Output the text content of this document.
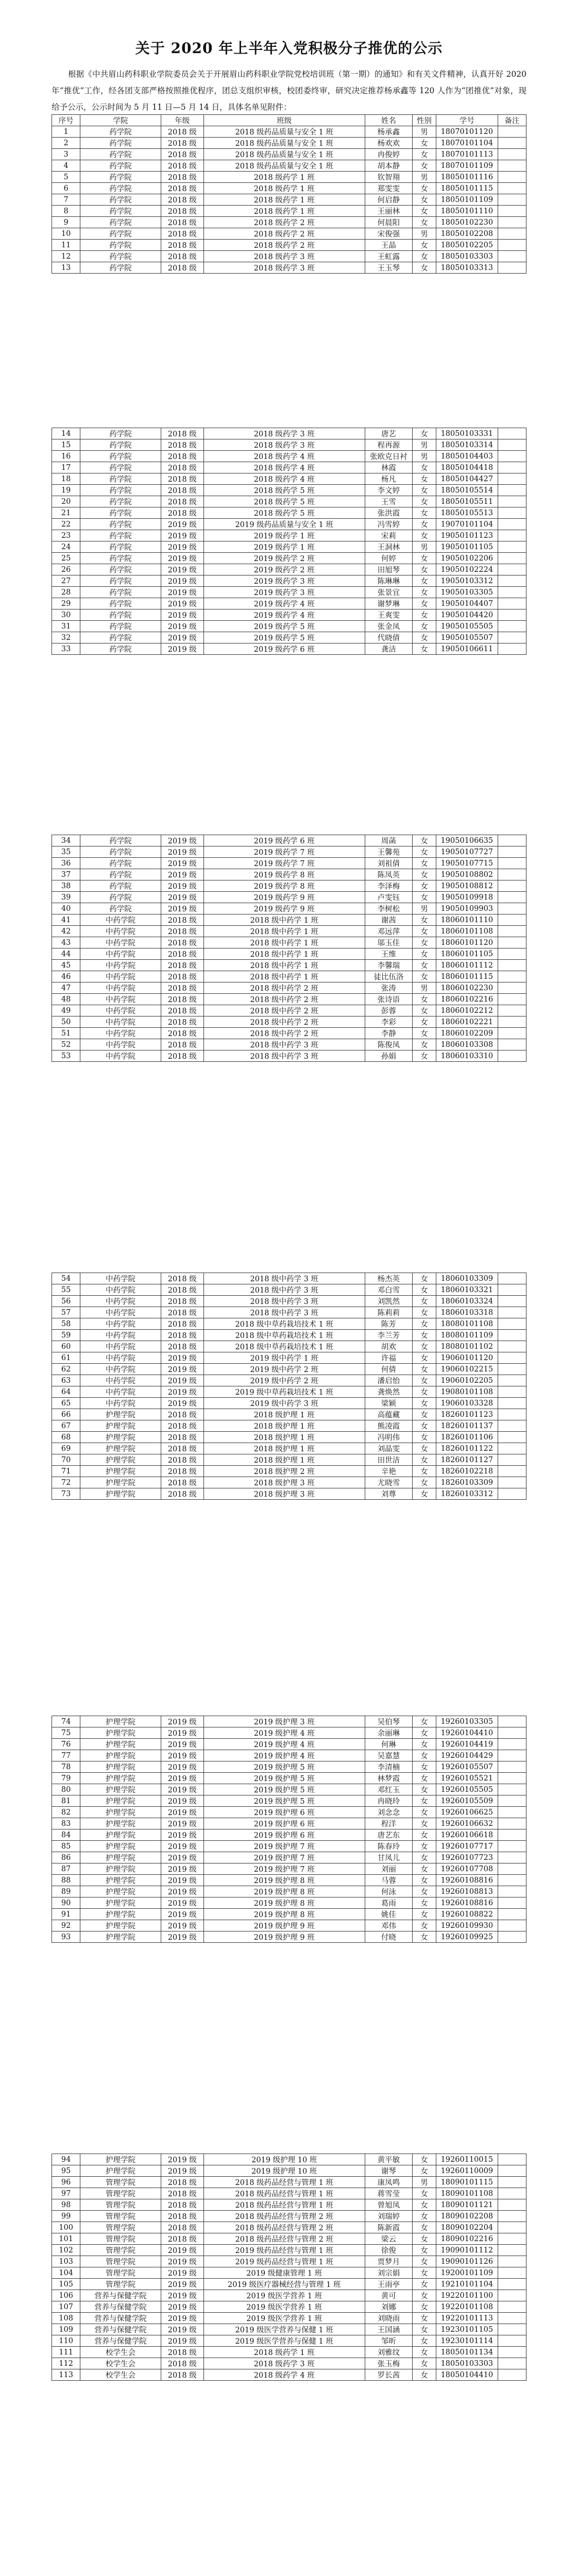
关于 2020 年上半年入党积极分子推优的公示
根据《中共眉山药科职业学院委员会关于开展眉山药科职业学院党校培训班（第一期）的通知》和有关文件精神，认真开好 2020 年“推优”工作，经各团支部严格按照推优程序，团总支组织审核，校团委终审，研究决定推荐杨承鑫等 120 人作为“团推优”对象，现给予公示，公示时间为 5 月 11 日—5 月 14 日，具体名单见附件：
序号	学院	年级	班级	姓名	性别	学号	备注
1	药学院	2018 级	2018 级药品质量与安全 1 班	杨承鑫	男	18070101120	
2	药学院	2018 级	2018 级药品质量与安全 1 班	杨欢欢	女	18070101104	
3	药学院	2018 级	2018 级药品质量与安全 1 班	冉俊婷	女	18070101113	
4	药学院	2018 级	2018 级药品质量与安全 1 班	胡本静	女	18070101109	
5	药学院	2018 级	2018 级药学 1 班	钦智翔	男	18050101116	
6	药学院	2018 级	2018 级药学 1 班	郑雯雯	女	18050101115	
7	药学院	2018 级	2018 级药学 1 班	何启静	女	18050101109	
8	药学院	2018 级	2018 级药学 1 班	王丽林	女	18050101110	
9	药学院	2018 级	2018 级药学 2 班	何晨阳	女	18050102230	
10	药学院	2018 级	2018 级药学 2 班	宋俊强	男	18050102208	
11	药学院	2018 级	2018 级药学 2 班	王晶	女	18050102205	
12	药学院	2018 级	2018 级药学 3 班	王虹露	女	18050103303	
13	药学院	2018 级	2018 级药学 3 班	王玉琴	女	18050103313	
14	药学院	2018 级	2018 级药学 3 班	唐艺	女	18050103331	
15	药学院	2018 级	2018 级药学 3 班	程再源	男	18050103314	
16	药学院	2018 级	2018 级药学 4 班	张欧克日衬	男	18050104403	
17	药学院	2018 级	2018 级药学 4 班	林霞	女	18050104418	
18	药学院	2018 级	2018 级药学 4 班	杨凡	女	18050104427	
19	药学院	2018 级	2018 级药学 5 班	李文婷	女	18050105514	
20	药学院	2018 级	2018 级药学 5 班	王雪	女	18050105511	
21	药学院	2018 级	2018 级药学 5 班	张洪霞	女	18050105513	
22	药学院	2019 级	2019 级药品质量与安全 1 班	冯雪婷	女	19070101104	
23	药学院	2019 级	2019 级药学 1 班	宋莉	女	19050101123	
24	药学院	2019 级	2019 级药学 1 班	王洞林	男	19050101105	
25	药学院	2019 级	2019 级药学 2 班	何婷	女	19050102206	
26	药学院	2019 级	2019 级药学 2 班	田旭琴	女	19050102224	
27	药学院	2019 级	2019 级药学 3 班	陈琳琳	女	19050103312	
28	药学院	2019 级	2019 级药学 3 班	张景宜	女	19050103305	
29	药学院	2019 级	2019 级药学 4 班	谢梦琳	女	19050104407	
30	药学院	2019 级	2019 级药学 4 班	王爽雯	女	19050104420	
31	药学院	2019 级	2019 级药学 5 班	张金凤	女	19050105505	
32	药学院	2019 级	2019 级药学 5 班	代晓倩	女	19050105507	
33	药学院	2019 级	2019 级药学 6 班	龚洁	女	19050106611	
34	药学院	2019 级	2019 级药学 6 班	周菡	女	19050106635	
35	药学院	2019 级	2019 级药学 7 班	王馨苑	女	19050107727	
36	药学院	2019 级	2019 级药学 7 班	刘祖倩	女	19050107715	
37	药学院	2019 级	2019 级药学 8 班	陈凤英	女	19050108802	
38	药学院	2019 级	2019 级药学 8 班	李泽梅	女	19050108812	
39	药学院	2019 级	2019 级药学 9 班	卢雯钰	女	19050109918	
40	药学院	2019 级	2019 级药学 9 班	李树松	男	19050109903	
41	中药学院	2018 级	2018 级中药学 1 班	谢茜	女	18060101110	
42	中药学院	2018 级	2018 级中药学 1 班	邓远萍	女	18060101108	
43	中药学院	2018 级	2018 级中药学 1 班	邬玉佳	女	18060101120	
44	中药学院	2018 级	2018 级中药学 1 班	王维	女	18060101105	
45	中药学院	2018 级	2018 级中药学 1 班	李馨瑞	女	18060101112	
46	中药学院	2018 级	2018 级中药学 1 班	徒比伍洛	女	18060101115	
47	中药学院	2018 级	2018 级中药学 2 班	张涛	男	18060102230	
48	中药学院	2018 级	2018 级中药学 2 班	张诗语	女	18060102216	
49	中药学院	2018 级	2018 级中药学 2 班	彭蓉	女	18060102212	
50	中药学院	2018 级	2018 级中药学 2 班	李彩	女	18060102221	
51	中药学院	2018 级	2018 级中药学 2 班	李静	女	18060102209	
52	中药学院	2018 级	2018 级中药学 3 班	陈俊凤	女	18060103308	
53	中药学院	2018 级	2018 级中药学 3 班	孙娟	女	18060103310	
54	中药学院	2018 级	2018 级中药学 3 班	杨杰英	女	18060103309	
55	中药学院	2018 级	2018 级中药学 3 班	邓白雪	女	18060103321	
56	中药学院	2018 级	2018 级中药学 3 班	刘凯然	女	18060103324	
57	中药学院	2018 级	2018 级中药学 3 班	陈莉莉	女	18060103318	
58	中药学院	2018 级	2018 级中草药栽培技术 1 班	陈芳	女	18080101108	
59	中药学院	2018 级	2018 级中草药栽培技术 1 班	李兰芳	女	18080101109	
60	中药学院	2018 级	2018 级中草药栽培技术 1 班	胡欢	女	18080101102	
61	中药学院	2019 级	2019 级中药学 1 班	许福	女	19060101120	
62	中药学院	2019 级	2019 级中药学 2 班	何倩	女	19060102215	
63	中药学院	2019 级	2019 级中药学 2 班	潘启怡	女	19060102205	
64	中药学院	2019 级	2019 级中草药栽培技术 1 班	龚焕然	女	19080101108	
65	中药学院	2019 级	2019 级中药学 3 班	梁颖	女	19060103328	
66	护理学院	2018 级	2018 级护理 1 班	高蕴藏	女	18260101123	
67	护理学院	2018 级	2018 级护理 1 班	熊凌霞	女	18260101137	
68	护理学院	2018 级	2018 级护理 1 班	冯明伟	女	18260101106	
69	护理学院	2018 级	2018 级护理 1 班	刘晶雯	女	18260101122	
70	护理学院	2018 级	2018 级护理 1 班	田世洁	女	18260101127	
71	护理学院	2018 级	2018 级护理 2 班	辛艳	女	18260102218	
72	护理学院	2018 级	2018 级护理 3 班	尤晓雪	女	18260103309	
73	护理学院	2018 级	2018 级护理 3 班	刘尊	女	18260103312	
74	护理学院	2019 级	2019 级护理 3 班	吴伯琴	女	19260103305	
75	护理学院	2019 级	2019 级护理 4 班	余丽琳	女	19260104410	
76	护理学院	2019 级	2019 级护理 4 班	何琳	女	19260104419	
77	护理学院	2019 级	2019 级护理 4 班	吴嘉慧	女	19260104429	
78	护理学院	2019 级	2019 级护理 5 班	李清楠	女	19260105507	
79	护理学院	2019 级	2019 级护理 5 班	林梦霞	女	19260105521	
80	护理学院	2019 级	2019 级护理 5 班	邓红玉	女	19260105505	
81	护理学院	2019 级	2019 级护理 5 班	冉晓玲	女	19260105509	
82	护理学院	2019 级	2019 级护理 6 班	刘念念	女	19260106625	
83	护理学院	2019 级	2019 级护理 6 班	程洋	女	19260106632	
84	护理学院	2019 级	2019 级护理 6 班	唐艺东	女	19260106618	
85	护理学院	2019 级	2019 级护理 7 班	陈春玲	女	19260107717	
86	护理学院	2019 级	2019 级护理 7 班	甘凤儿	女	19260107723	
87	护理学院	2019 级	2019 级护理 7 班	刘丽	女	19260107708	
88	护理学院	2019 级	2019 级护理 8 班	马蓉	女	19260108816	
89	护理学院	2019 级	2019 级护理 8 班	何泳	女	19260108813	
90	护理学院	2019 级	2019 级护理 8 班	葛雨	女	19260108816	
91	护理学院	2019 级	2019 级护理 8 班	姚佳	女	19260108822	
92	护理学院	2019 级	2019 级护理 9 班	邓伟	女	19260109930	
93	护理学院	2019 级	2019 级护理 9 班	付晓	女	19260109925	
94	护理学院	2019 级	2019 级护理 10 班	黄平敏	女	19260110015	
95	护理学院	2019 级	2019 级护理 10 班	谢琴	女	19260110009	
96	管理学院	2018 级	2018 级药品经营与管理 1 班	康凤鸣	男	18090101115	
97	管理学院	2018 级	2018 级药品经营与管理 1 班	蒋雪莹	女	18090101108	
98	管理学院	2018 级	2018 级药品经营与管理 1 班	曾旭凤	女	18090101121	
99	管理学院	2018 级	2018 级药品经营与管理 2 班	刘瑞婷	女	18090102208	
100	管理学院	2018 级	2018 级药品经营与管理 2 班	陈新霞	女	18090102204	
101	管理学院	2018 级	2018 级药品经营与管理 2 班	梁云	女	18090102216	
102	管理学院	2019 级	2019 级药品经营与管理 1 班	徐俊	女	19090101112	
103	管理学院	2019 级	2019 级药品经营与管理 1 班	贾梦月	女	19090101126	
104	管理学院	2019 级	2019 级健康管理 1 班	刘宗娟	女	19200101109	
105	管理学院	2019 级	2019 级医疗器械经营与管理 1 班	王雨亭	女	19210101104	
106	营养与保健学院	2019 级	2019 级医学营养 1 班	黄可	女	19220101100	
107	营养与保健学院	2019 级	2019 级医学营养 1 班	刘娜	女	19220101108	
108	营养与保健学院	2019 级	2019 级医学营养 1 班	刘晓雨	女	19220101113	
109	营养与保健学院	2019 级	2019 级医学营养与保健 1 班	王国涵	女	19230101105	
110	营养与保健学院	2019 级	2019 级医学营养与保健 1 班	邹昕	女	19230101114	
111	校学生会	2018 级	2018 级药学 1 班	刘雅纹	女	18050101134	
112	校学生会	2018 级	2018 级药学 3 班	张玉梅	女	18050103303	
113	校学生会	2018 级	2018 级药学 4 班	罗长茜	女	18050104410	
